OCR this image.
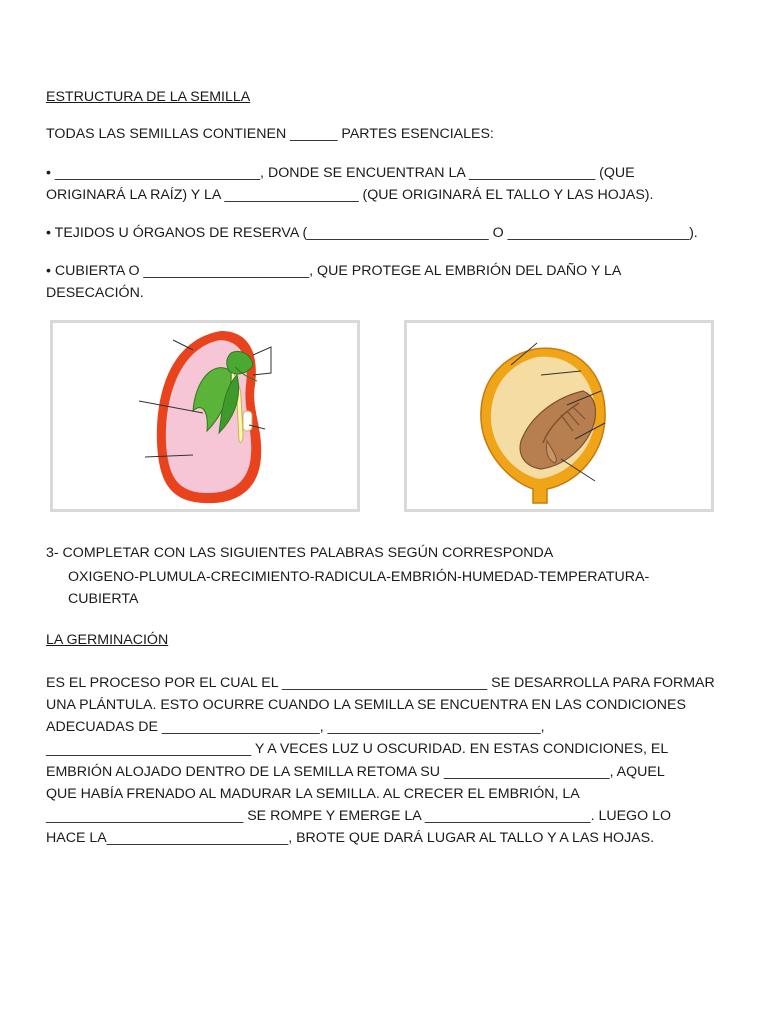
ESTRUCTURA DE LA SEMILLA
TODAS LAS SEMILLAS CONTIENEN ______ PARTES ESENCIALES:
• __________________________, DONDE SE ENCUENTRAN LA ________________ (QUE
ORIGINARÁ LA RAÍZ) Y LA _________________ (QUE ORIGINARÁ EL TALLO Y LAS HOJAS).
• TEJIDOS U ÓRGANOS DE RESERVA (_______________________ O _______________________).
• CUBIERTA O _____________________, QUE PROTEGE AL EMBRIÓN DEL DAÑO Y LA
DESECACIÓN.
3- COMPLETAR CON LAS SIGUIENTES PALABRAS SEGÚN CORRESPONDA
OXIGENO-PLUMULA-CRECIMIENTO-RADICULA-EMBRIÓN-HUMEDAD-TEMPERATURA-
CUBIERTA
LA GERMINACIÓN
ES EL PROCESO POR EL CUAL EL __________________________ SE DESARROLLA PARA FORMAR
UNA PLÁNTULA. ESTO OCURRE CUANDO LA SEMILLA SE ENCUENTRA EN LAS CONDICIONES
ADECUADAS DE ____________________, ___________________________,
__________________________ Y A VECES LUZ U OSCURIDAD. EN ESTAS CONDICIONES, EL
EMBRIÓN ALOJADO DENTRO DE LA SEMILLA RETOMA SU _____________________, AQUEL
QUE HABÍA FRENADO AL MADURAR LA SEMILLA. AL CRECER EL EMBRIÓN, LA
_________________________ SE ROMPE Y EMERGE LA _____________________. LUEGO LO
HACE LA_______________________, BROTE QUE DARÁ LUGAR AL TALLO Y A LAS HOJAS.
